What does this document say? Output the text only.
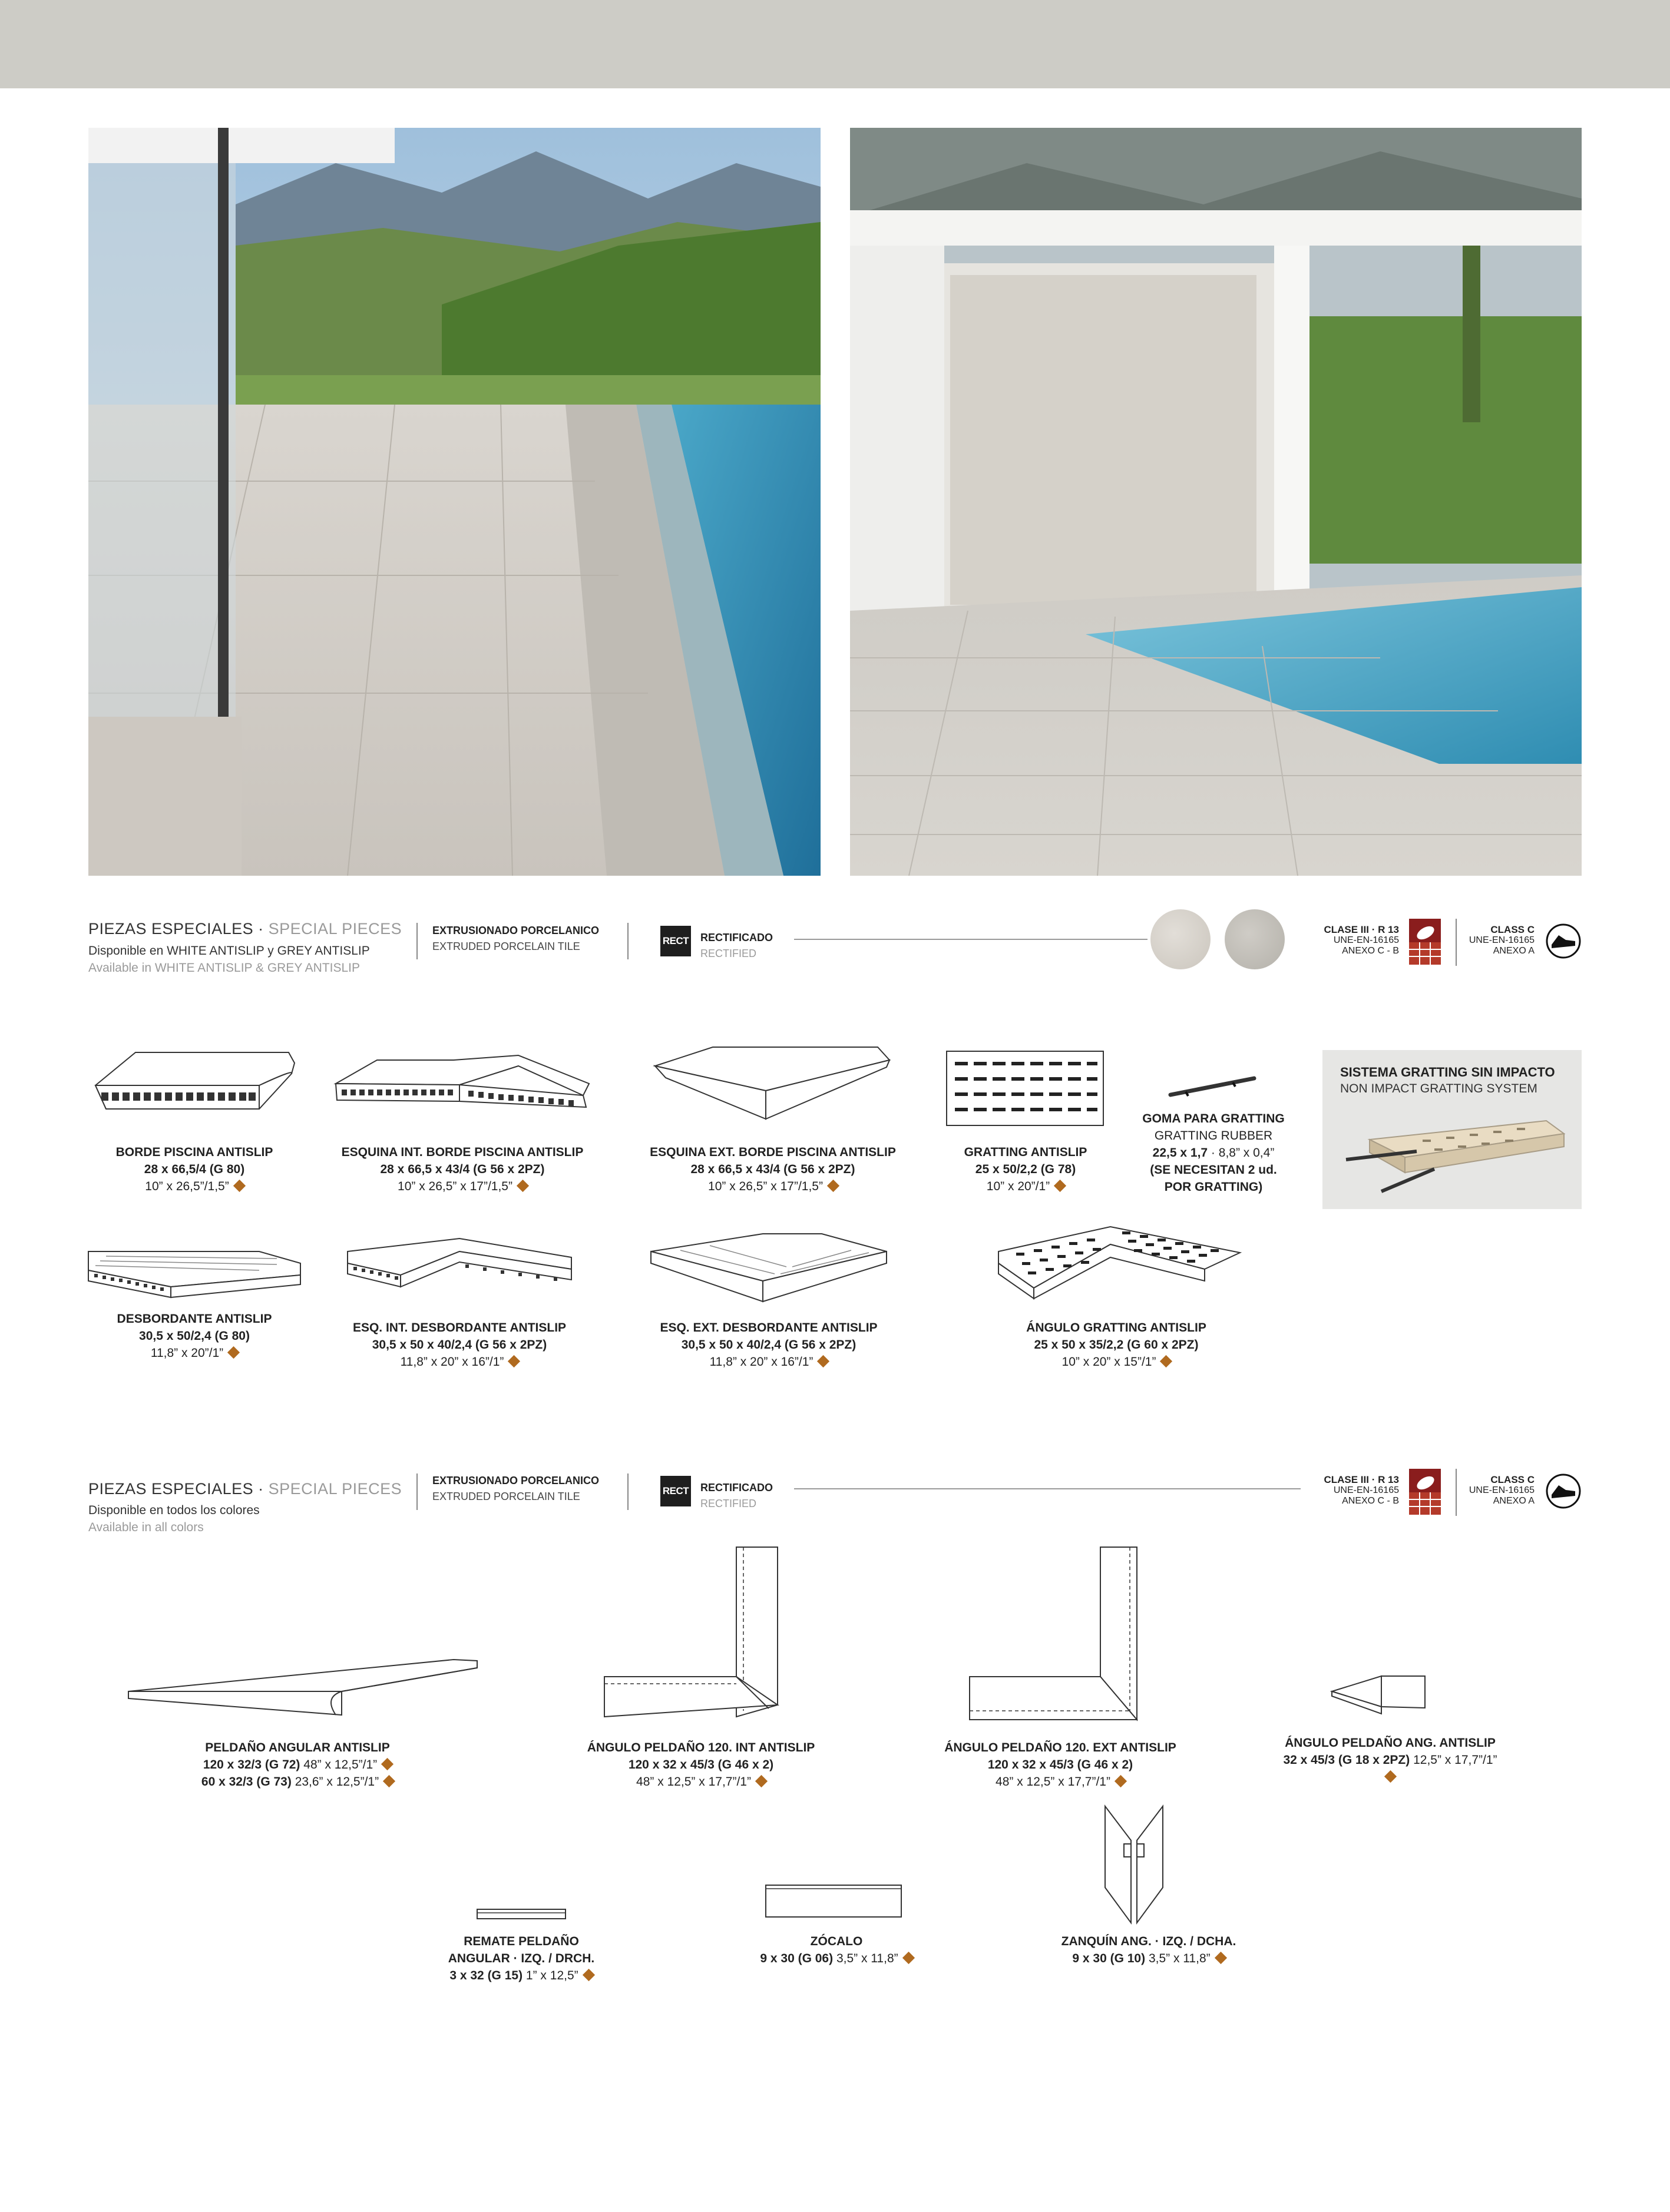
PIEZAS ESPECIALES · SPECIAL PIECES
Disponible en WHITE ANTISLIP y GREY ANTISLIP
Available in WHITE ANTISLIP & GREY ANTISLIP
EXTRUSIONADO PORCELANICO
EXTRUDED PORCELAIN TILE	RECT RECTIFICADO
RECTIFIED
CLASE III · R 13
UNE-EN-16165
ANEXO C - B
CLASS C
UNE-EN-16165
ANEXO A
BORDE PISCINA ANTISLIP
28 x 66,5/4 (G 80)
10” x 26,5”/1,5”
ESQUINA INT. BORDE PISCINA ANTISLIP
28 x 66,5 x 43/4 (G 56 x 2PZ)
10” x 26,5” x 17”/1,5”
ESQUINA EXT. BORDE PISCINA ANTISLIP
28 x 66,5 x 43/4 (G 56 x 2PZ)
10” x 26,5” x 17”/1,5”
GRATTING ANTISLIP
25 x 50/2,2 (G 78)
10” x 20”/1”
GOMA PARA GRATTING
GRATTING RUBBER
22,5 x 1,7 · 8,8” x 0,4”
(SE NECESITAN 2 ud.
POR GRATTING)
SISTEMA GRATTING SIN IMPACTO
NON IMPACT GRATTING SYSTEM
DESBORDANTE ANTISLIP
30,5 x 50/2,4 (G 80)
11,8” x 20”/1”
ESQ. INT. DESBORDANTE ANTISLIP
30,5 x 50 x 40/2,4 (G 56 x 2PZ)
11,8” x 20” x 16”/1”
ESQ. EXT. DESBORDANTE ANTISLIP
30,5 x 50 x 40/2,4 (G 56 x 2PZ)
11,8” x 20” x 16”/1”
ÁNGULO GRATTING ANTISLIP
25 x 50 x 35/2,2 (G 60 x 2PZ)
10” x 20” x 15”/1”
PIEZAS ESPECIALES · SPECIAL PIECES
Disponible en todos los colores
Available in all colors
EXTRUSIONADO PORCELANICO
EXTRUDED PORCELAIN TILE	RECT RECTIFICADO
RECTIFIED
CLASE III · R 13
UNE-EN-16165
ANEXO C - B
CLASS C
UNE-EN-16165
ANEXO A
PELDAÑO ANGULAR ANTISLIP
120 x 32/3 (G 72) 48” x 12,5”/1”
60 x 32/3 (G 73) 23,6” x 12,5”/1”
ÁNGULO PELDAÑO 120. INT ANTISLIP
120 x 32 x 45/3 (G 46 x 2)
48” x 12,5” x 17,7”/1”
ÁNGULO PELDAÑO 120. EXT ANTISLIP
120 x 32 x 45/3 (G 46 x 2)
48” x 12,5” x 17,7”/1”
ÁNGULO PELDAÑO ANG. ANTISLIP
32 x 45/3 (G 18 x 2PZ) 12,5” x 17,7”/1”
REMATE PELDAÑO
ANGULAR · IZQ. / DRCH.
3 x 32 (G 15) 1” x 12,5”
ZÓCALO
9 x 30 (G 06) 3,5” x 11,8”
ZANQUÍN ANG. · IZQ. / DCHA.
9 x 30 (G 10) 3,5” x 11,8”
